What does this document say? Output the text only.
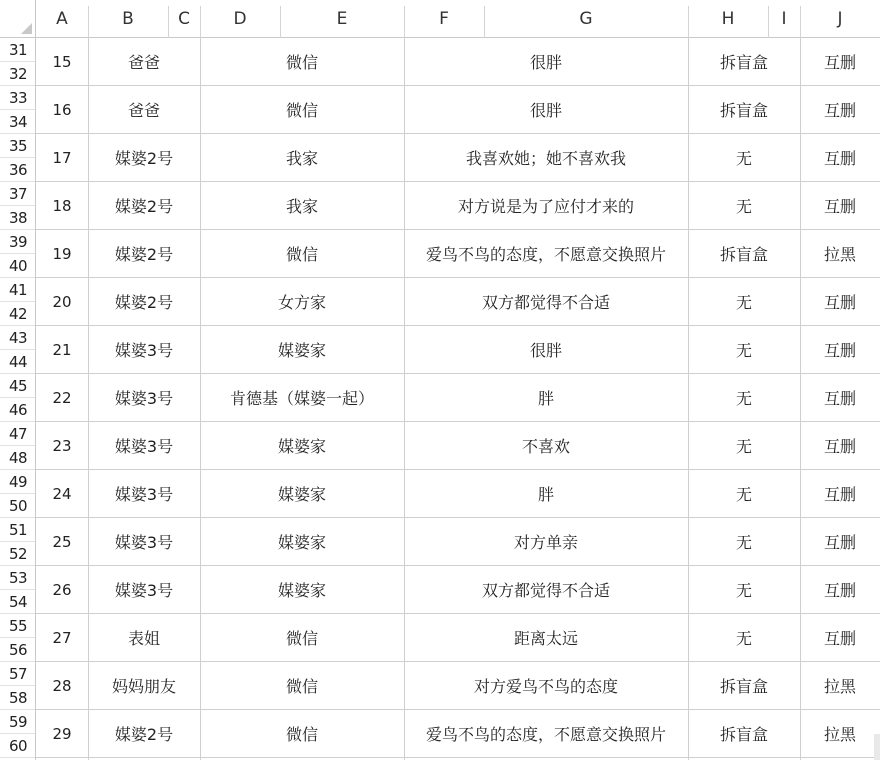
A	B	C	D	E	F	G	H	I	J
31
32
33
34
35
36
37
38
39
40
41
42
43
44
45
46
47
48
49
50
51
52
53
54
55
56
57
58
59
60
15	爸爸	微信	很胖	拆盲盒	互删
16	爸爸	微信	很胖	拆盲盒	互删
17	媒婆2号	我家	我喜欢她；她不喜欢我	无	互删
18	媒婆2号	我家	对方说是为了应付才来的	无	互删
19	媒婆2号	微信	爱鸟不鸟的态度，不愿意交换照片	拆盲盒	拉黑
20	媒婆2号	女方家	双方都觉得不合适	无	互删
21	媒婆3号	媒婆家	很胖	无	互删
22	媒婆3号	肯德基（媒婆一起）	胖	无	互删
23	媒婆3号	媒婆家	不喜欢	无	互删
24	媒婆3号	媒婆家	胖	无	互删
25	媒婆3号	媒婆家	对方单亲	无	互删
26	媒婆3号	媒婆家	双方都觉得不合适	无	互删
27	表姐	微信	距离太远	无	互删
28	妈妈朋友	微信	对方爱鸟不鸟的态度	拆盲盒	拉黑
29	媒婆2号	微信	爱鸟不鸟的态度，不愿意交换照片	拆盲盒	拉黑
